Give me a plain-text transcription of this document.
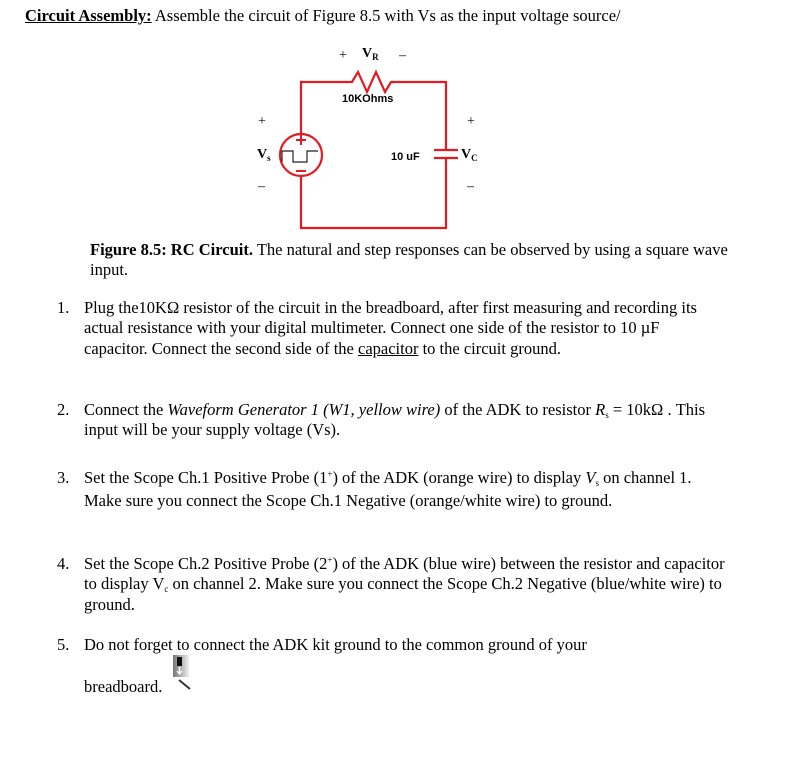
Circuit Assembly: Assemble the circuit of Figure 8.5 with Vs as the input voltage source/
+ $V_R$ –
10KOhms
+
$V_s$
–
10 uF
+
$V_C$
–
Figure 8.5: RC Circuit. The natural and step responses can be observed by using a square wave input.
1. Plug the10KΩ resistor of the circuit in the breadboard, after first measuring and recording its actual resistance with your digital multimeter. Connect one side of the resistor to 10 µF capacitor. Connect the second side of the capacitor to the circuit ground.
2. Connect the Waveform Generator 1 (W1, yellow wire) of the ADK to resistor $R_s = 10k\Omega$ . This input will be your supply voltage (Vs).
3. Set the Scope Ch.1 Positive Probe (1+) of the ADK (orange wire) to display $V_s$ on channel 1. Make sure you connect the Scope Ch.1 Negative (orange/white wire) to ground.
4. Set the Scope Ch.2 Positive Probe (2+) of the ADK (blue wire) between the resistor and capacitor to display $V_c$ on channel 2. Make sure you connect the Scope Ch.2 Negative (blue/white wire) to ground.
5. Do not forget to connect the ADK kit ground to the common ground of your
breadboard.
